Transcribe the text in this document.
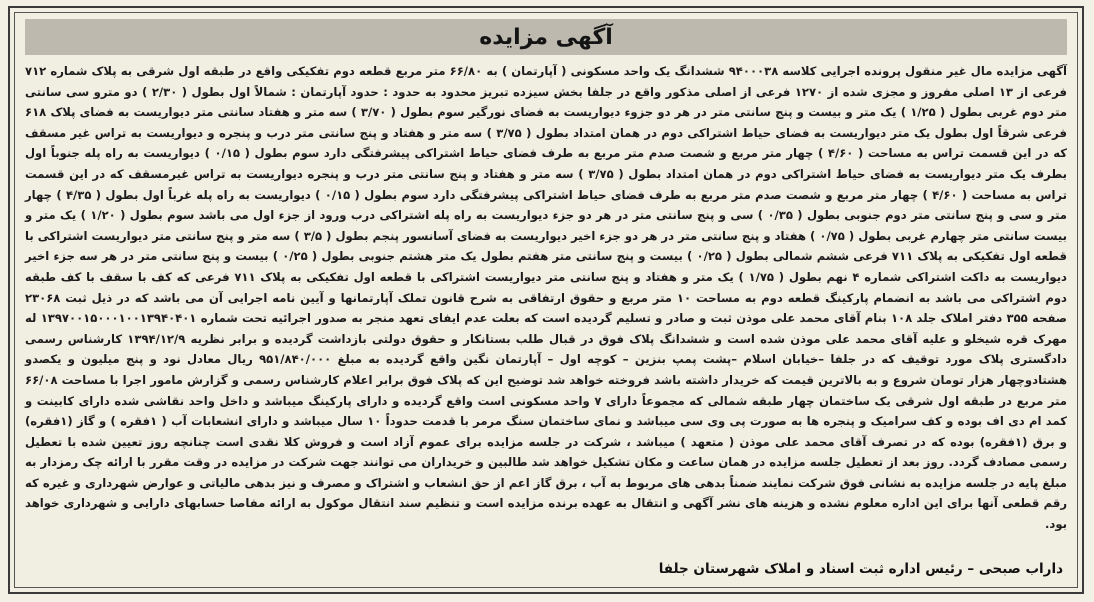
آگهی مزایده
آگهی مزایده مال غیر منقول پرونده اجرایی کلاسه ۹۴۰۰۰۳۸ ششدانگ یک واحد مسکونی ( آپارتمان ) به ۶۶/۸۰ متر مربع قطعه دوم تفکیکی واقع در طبقه اول شرقی به پلاک شماره ۷۱۲ فرعی از ۱۳ اصلی مفروز و مجزی شده از ۱۲۷۰ فرعی از اصلی مذکور واقع در جلفا بخش سیزده تبریز محدود به حدود : حدود آپارتمان : شمالاً اول بطول ( ۲/۳۰ ) دو مترو سی سانتی متر دوم غربی بطول ( ۱/۲۵ ) یک متر و بیست و پنج سانتی متر در هر دو جزوء دیواریست به فضای نورگیر سوم بطول ( ۳/۷۰ ) سه متر و هفتاد سانتی متر دیواریست به فضای پلاک ۶۱۸ فرعی شرقاً اول بطول یک متر دیواریست به فضای حیاط اشتراکی دوم در همان امتداد بطول ( ۳/۷۵ ) سه متر و هفتاد و پنج سانتی متر درب و پنجره و دیواریست به تراس غیر مسقف که در این قسمت تراس به مساحت ( ۴/۶۰ ) چهار متر مربع و شصت صدم متر مربع به طرف فضای حیاط اشتراکی پیشرفتگی دارد سوم بطول ( ۰/۱۵ ) دیواریست به راه پله جنوباً اول بطرف یک متر دیواریست به فضای حیاط اشتراکی دوم در همان امتداد بطول ( ۳/۷۵ ) سه متر و هفتاد و پنج سانتی متر درب و پنجره دیواریست به تراس غیرمسقف که در این قسمت تراس به مساحت ( ۴/۶۰ ) چهار متر مربع و شصت صدم متر مربع به طرف فضای حیاط اشتراکی پیشرفتگی دارد سوم بطول ( ۰/۱۵ ) دیواریست به راه پله غرباً اول بطول ( ۴/۳۵ ) چهار متر و سی و پنج سانتی متر دوم جنوبی بطول ( ۰/۳۵ ) سی و پنج سانتی متر در هر دو جزء دیواریست به راه پله اشتراکی درب ورود از جزء اول می باشد سوم بطول ( ۱/۲۰ ) یک متر و بیست سانتی متر چهارم غربی بطول ( ۰/۷۵ ) هفتاد و پنج سانتی متر در هر دو جزء اخیر دیواریست به فضای آسانسور پنجم بطول ( ۳/۵ ) سه متر و پنج سانتی متر دیواریست اشتراکی با قطعه اول تفکیکی به پلاک ۷۱۱ فرعی ششم شمالی بطول ( ۰/۲۵ ) بیست و پنج سانتی متر هفتم بطول یک متر هشتم جنوبی بطول ( ۰/۲۵ ) بیست و پنج سانتی متر در هر سه جزء اخیر دیواریست به داکت اشتراکی شماره ۴ نهم بطول ( ۱/۷۵ ) یک متر و هفتاد و پنج سانتی متر دیواریست اشتراکی با قطعه اول تفکیکی به پلاک ۷۱۱ فرعی که کف با سقف با کف طبقه دوم اشتراکی می باشد به انضمام پارکینگ قطعه دوم به مساحت ۱۰ متر مربع و حقوق ارتفاقی به شرح قانون تملک آپارتمانها و آیین نامه اجرایی آن می باشد که در ذیل ثبت ۲۳۰۶۸ صفحه ۳۵۵ دفتر املاک جلد ۱۰۸ بنام آقای محمد علی موذن ثبت و صادر و تسلیم گردیده است که بعلت عدم ایفای تعهد منجر به صدور اجرائیه تحت شماره ۱۳۹۷۰۰۱۵۰۰۰۱۰۰۱۳۹۴۰۴۰۱ له مهرک قره شیخلو و علیه آقای محمد علی موذن شده است و ششدانگ پلاک فوق در قبال طلب بستانکار و حقوق دولتی بازداشت گردیده و برابر نظریه ۱۳۹۴/۱۲/۹ کارشناس رسمی دادگستری پلاک مورد توقیف که در جلفا –خیابان اسلام –پشت پمپ بنزین – کوچه اول – آپارتمان نگین واقع گردیده به مبلغ ۹۵۱/۸۴۰/۰۰۰ ریال معادل نود و پنج میلیون و یکصدو هشتادوچهار هزار تومان شروع و به بالاترین قیمت که خریدار داشته باشد فروخته خواهد شد توضیح این که پلاک فوق برابر اعلام کارشناس رسمی و گزارش مامور اجرا با مساحت ۶۶/۰۸ متر مربع در طبقه اول شرقی یک ساختمان چهار طبقه شمالی که مجموعاً دارای ۷ واحد مسکونی است واقع گردیده و دارای پارکینگ میباشد و داخل واحد نقاشی شده دارای کابینت و کمد ام دی اف بوده و کف سرامیک و پنجره ها به صورت پی وی سی میباشد و نمای ساختمان سنگ مرمر با قدمت حدوداً ۱۰ سال میباشد و دارای انشعابات آب ( ۱فقره ) و گاز (۱فقره) و برق (۱فقره) بوده که در تصرف آقای محمد علی موذن ( متعهد ) میباشد ، شرکت در جلسه مزایده برای عموم آزاد است و فروش کلا نقدی است چنانچه روز تعیین شده با تعطیل رسمی مصادف گردد. روز بعد از تعطیل جلسه مزایده در همان ساعت و مکان تشکیل خواهد شد طالبین و خریداران می توانند جهت شرکت در مزایده در وقت مقرر با ارائه چک رمزدار به مبلغ پایه در جلسه مزایده به نشانی فوق شرکت نمایند ضمناً بدهی های مربوط به آب ، برق گاز اعم از حق انشعاب و اشتراک و مصرف و نیز بدهی مالیاتی و عوارض شهرداری و غیره که رقم قطعی آنها برای این اداره معلوم نشده و هزینه های نشر آگهی و انتقال به عهده برنده مزایده است و تنظیم سند انتقال موکول به ارائه مفاصا حسابهای دارایی و شهرداری خواهد بود.
داراب صبحی – رئیس اداره ثبت اسناد و املاک شهرستان جلفا
